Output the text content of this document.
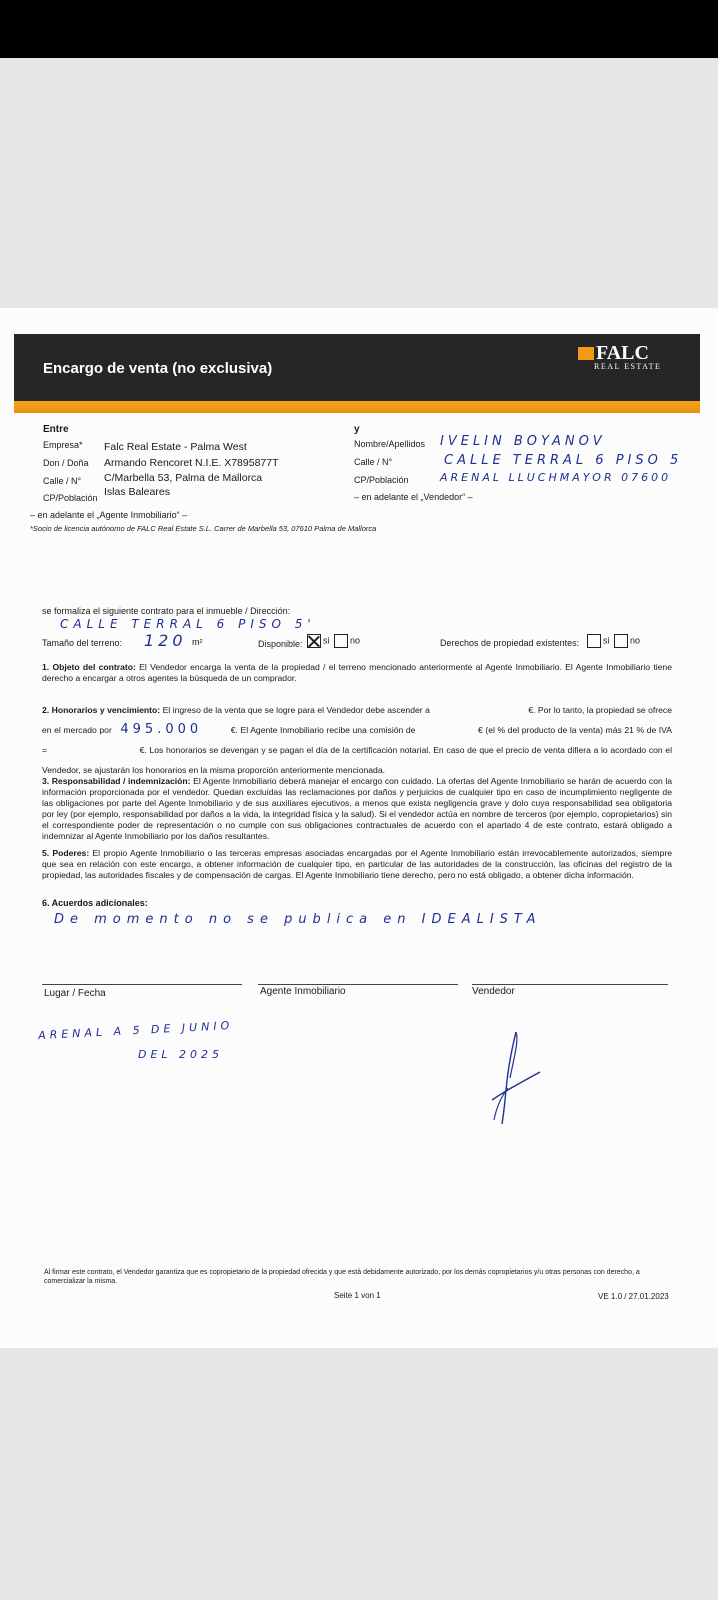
Encargo de venta (no exclusiva)
FALC
REAL ESTATE
Entre
Empresa* Falc Real Estate - Palma West
Don / Doña Armando Rencoret N.I.E. X7895877T
Calle / N° C/Marbella 53, Palma de Mallorca
CP/Población Islas Baleares
– en adelante el „Agente Inmobiliario“ –
*Socio de licencia autónomo de FALC Real Estate S.L. Carrer de Marbella 53, 07610 Palma de Mallorca
y
Nombre/Apellidos IVELIN BOYANOV
Calle / N°	CALLE TERRAL 6 PISO 5
CP/Población	ARENAL LLUCHMAYOR 07600
– en adelante el „Vendedor“ –
se formaliza el siguiente contrato para el inmueble / Dirección:
CALLE TERRAL 6 PISO 5'
Tamaño del terreno: 120 m²	Disponible:	si no	Derechos de propiedad existentes:	si no
1. Objeto del contrato: El Vendedor encarga la venta de la propiedad / el terreno mencionado anteriormente al Agente Inmobiliario. El Agente Inmobiliario tiene derecho a encargar a otros agentes la búsqueda de un comprador.
2. Honorarios y vencimiento: El ingreso de la venta que se logre para el Vendedor debe ascender a	€. Por lo tanto, la propiedad se ofrece en el mercado por 495.000	€. El Agente Inmobiliario recibe una comisión de	€ (el % del producto de la venta) más 21 % de IVA =	€. Los honorarios se devengan y se pagan el día de la certificación notarial. En caso de que el precio de venta difiera a lo acordado con el Vendedor, se ajustarán los honorarios en la misma proporción anteriormente mencionada.
3. Responsabilidad / indemnización: El Agente Inmobiliario deberá manejar el encargo con cuidado. La ofertas del Agente Inmobiliario se harán de acuerdo con la información proporcionada por el vendedor. Quedan excluidas las reclamaciones por daños y perjuicios de cualquier tipo en caso de incumplimiento negligente de las obligaciones por parte del Agente Inmobiliario y de sus auxiliares ejecutivos, a menos que exista negligencia grave y dolo cuya responsabilidad sea obligatoria por ley (por ejemplo, responsabilidad por daños a la vida, la integridad física y la salud). Si el vendedor actúa en nombre de terceros (por ejemplo, copropietarios) sin el correspondiente poder de representación o no cumple con sus obligaciones contractuales de acuerdo con el apartado 4 de este contrato, estará obligado a indemnizar al Agente Inmobiliario por los daños resultantes.
5. Poderes: El propio Agente Inmobiliario o las terceras empresas asociadas encargadas por el Agente Inmobiliario están irrevocablemente autorizados, siempre que sea en relación con este encargo, a obtener información de cualquier tipo, en particular de las autoridades de la construcción, las oficinas del registro de la propiedad, las autoridades fiscales y de compensación de cargas. El Agente Inmobiliario tiene derecho, pero no está obligado, a obtener dicha información.
6. Acuerdos adicionales:
De momento no se publica en IDEALISTA
Lugar / Fecha	Agente Inmobiliario	Vendedor
ARENAL A 5 DE JUNIO
DEL 2025
Al firmar este contrato, el Vendedor garantiza que es copropietario de la propiedad ofrecida y que está debidamente autorizado, por los demás copropietarios y/u otras personas con derecho, a comercializar la misma.
Seite 1 von 1	VE 1.0 / 27.01.2023
